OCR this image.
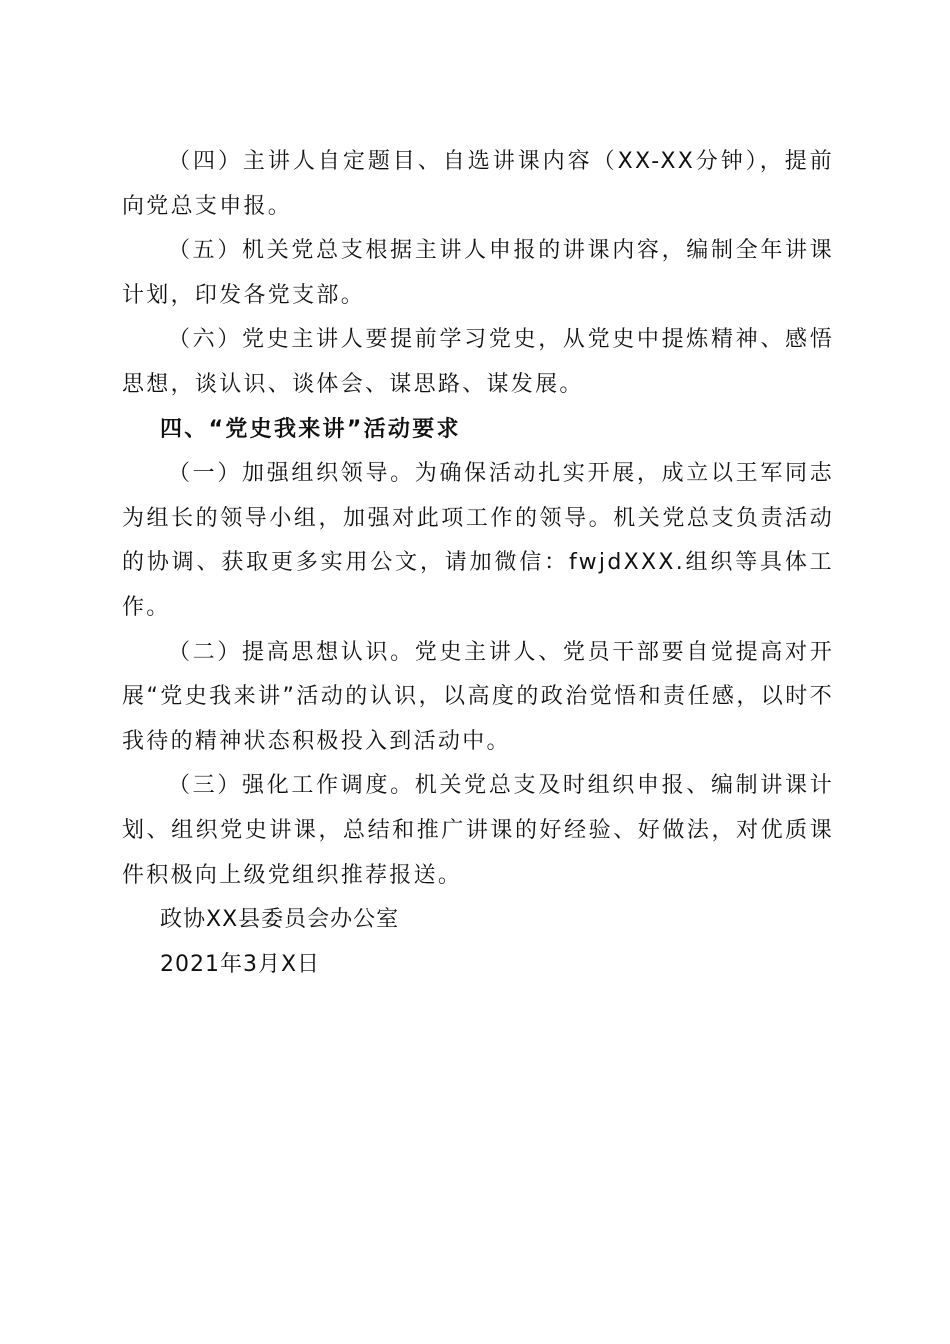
（四）主讲人自定题目、自选讲课内容（XX-XX分钟），提前向党总支申报。

（五）机关党总支根据主讲人申报的讲课内容，编制全年讲课计划，印发各党支部。

（六）党史主讲人要提前学习党史，从党史中提炼精神、感悟思想，谈认识、谈体会、谋思路、谋发展。

四、“党史我来讲”活动要求

（一）加强组织领导。为确保活动扎实开展，成立以王军同志为组长的领导小组，加强对此项工作的领导。机关党总支负责活动的协调、获取更多实用公文，请加微信：fwjdXXX.组织等具体工作。

（二）提高思想认识。党史主讲人、党员干部要自觉提高对开展“党史我来讲”活动的认识，以高度的政治觉悟和责任感，以时不我待的精神状态积极投入到活动中。

（三）强化工作调度。机关党总支及时组织申报、编制讲课计划、组织党史讲课，总结和推广讲课的好经验、好做法，对优质课件积极向上级党组织推荐报送。

政协XX县委员会办公室

2021年3月X日
